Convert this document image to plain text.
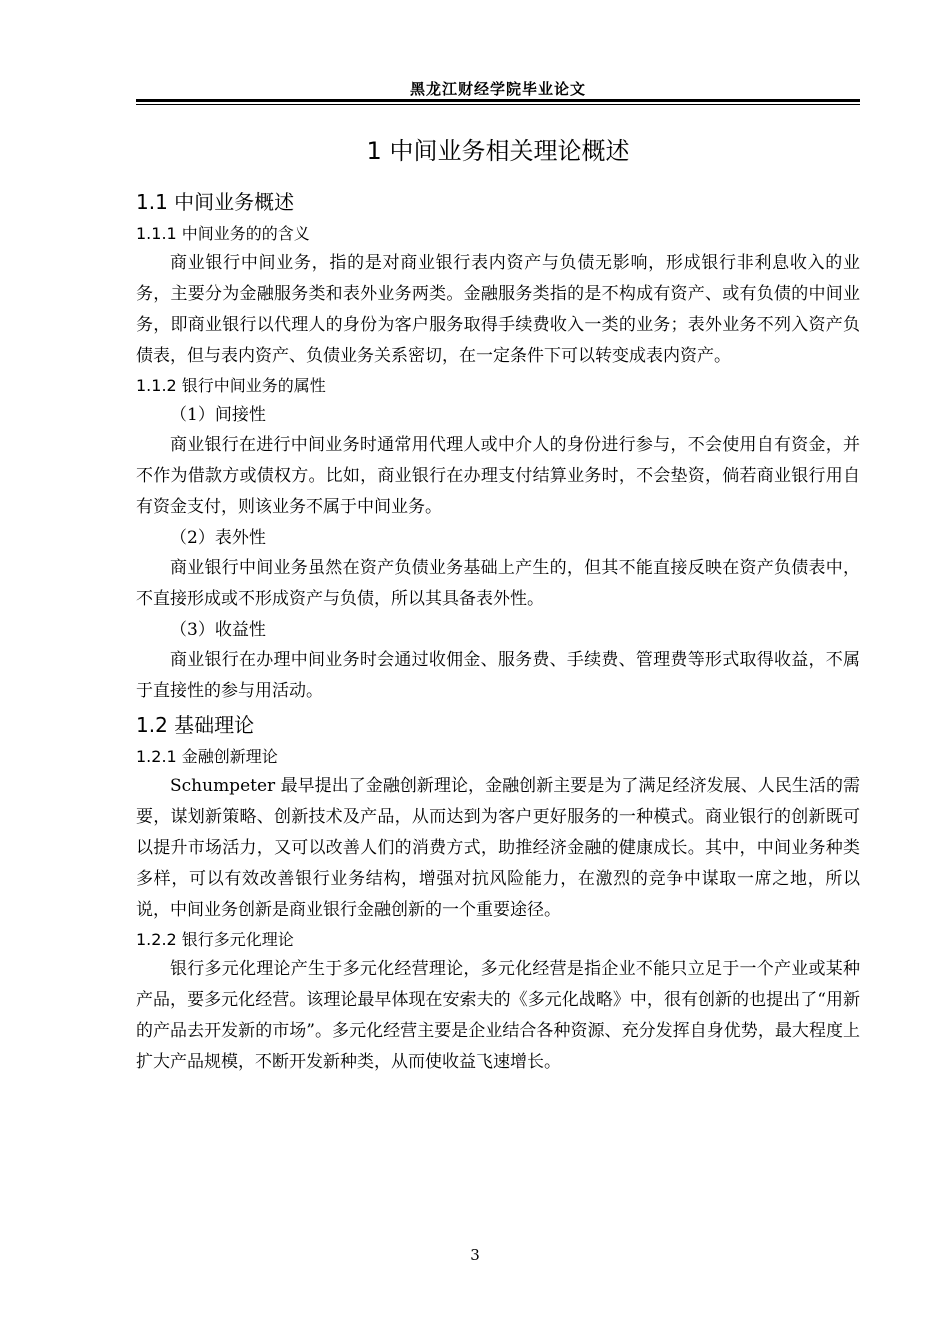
黑龙江财经学院毕业论文
1 中间业务相关理论概述
1.1 中间业务概述
1.1.1 中间业务的的含义

商业银行中间业务，指的是对商业银行表内资产与负债无影响，形成银行非利息收入的业务，主要分为金融服务类和表外业务两类。金融服务类指的是不构成有资产、或有负债的中间业务，即商业银行以代理人的身份为客户服务取得手续费收入一类的业务；表外业务不列入资产负债表，但与表内资产、负债业务关系密切，在一定条件下可以转变成表内资产。

1.1.2 银行中间业务的属性

（1）间接性

商业银行在进行中间业务时通常用代理人或中介人的身份进行参与，不会使用自有资金，并不作为借款方或债权方。比如，商业银行在办理支付结算业务时，不会垫资，倘若商业银行用自有资金支付，则该业务不属于中间业务。

（2）表外性

商业银行中间业务虽然在资产负债业务基础上产生的，但其不能直接反映在资产负债表中，不直接形成或不形成资产与负债，所以其具备表外性。

（3）收益性

商业银行在办理中间业务时会通过收佣金、服务费、手续费、管理费等形式取得收益，不属于直接性的参与用活动。

1.2 基础理论
1.2.1 金融创新理论

Schumpeter 最早提出了金融创新理论，金融创新主要是为了满足经济发展、人民生活的需要，谋划新策略、创新技术及产品，从而达到为客户更好服务的一种模式。商业银行的创新既可以提升市场活力，又可以改善人们的消费方式，助推经济金融的健康成长。其中，中间业务种类多样，可以有效改善银行业务结构，增强对抗风险能力，在激烈的竞争中谋取一席之地，所以说，中间业务创新是商业银行金融创新的一个重要途径。

1.2.2 银行多元化理论

银行多元化理论产生于多元化经营理论，多元化经营是指企业不能只立足于一个产业或某种产品，要多元化经营。该理论最早体现在安索夫的《多元化战略》中，很有创新的也提出了“用新的产品去开发新的市场”。多元化经营主要是企业结合各种资源、充分发挥自身优势，最大程度上扩大产品规模，不断开发新种类，从而使收益飞速增长。

3
